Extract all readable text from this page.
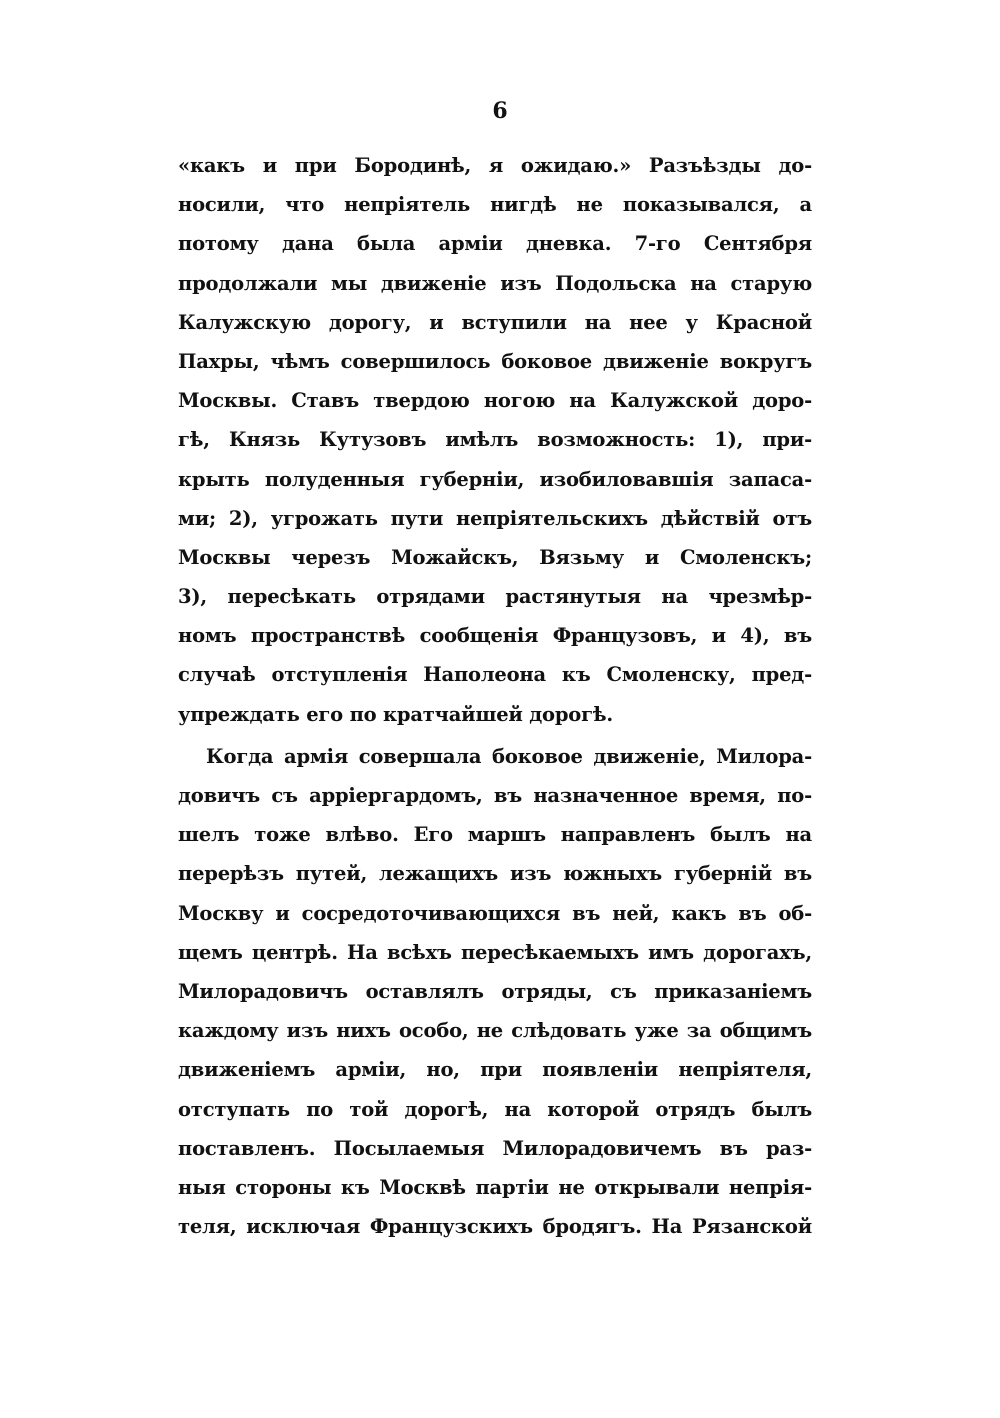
6
«какъ и при Бородинѣ, я ожидаю.» Разъѣзды до-
носили, что непріятель нигдѣ не показывался, а
потому дана была арміи дневка. 7-го Сентября
продолжали мы движеніе изъ Подольска на старую
Калужскую дорогу, и вступили на нее у Красной
Пахры, чѣмъ совершилось боковое движеніе вокругъ
Москвы. Ставъ твердою ногою на Калужской доро-
гѣ, Князь Кутузовъ имѣлъ возможность: 1), при-
крыть полуденныя губерніи, изобиловавшія запаса-
ми; 2), угрожать пути непріятельскихъ дѣйствій отъ
Москвы черезъ Можайскъ, Вязьму и Смоленскъ;
3), пересѣкать отрядами растянутыя на чрезмѣр-
номъ пространствѣ сообщенія Французовъ, и 4), въ
случаѣ отступленія Наполеона къ Смоленску, пред-
упреждать его по кратчайшей дорогѣ.
Когда армія совершала боковое движеніе, Милора-
довичъ съ арріергардомъ, въ назначенное время, по-
шелъ тоже влѣво. Его маршъ направленъ былъ на
перерѣзъ путей, лежащихъ изъ южныхъ губерній въ
Москву и сосредоточивающихся въ ней, какъ въ об-
щемъ центрѣ. На всѣхъ пересѣкаемыхъ имъ дорогахъ,
Милорадовичъ оставлялъ отряды, съ приказаніемъ
каждому изъ нихъ особо, не слѣдовать уже за общимъ
движеніемъ арміи, но, при появленіи непріятеля,
отступать по той дорогѣ, на которой отрядъ былъ
поставленъ. Посылаемыя Милорадовичемъ въ раз-
ныя стороны къ Москвѣ партіи не открывали непрія-
теля, исключая Французскихъ бродягъ. На Рязанской
